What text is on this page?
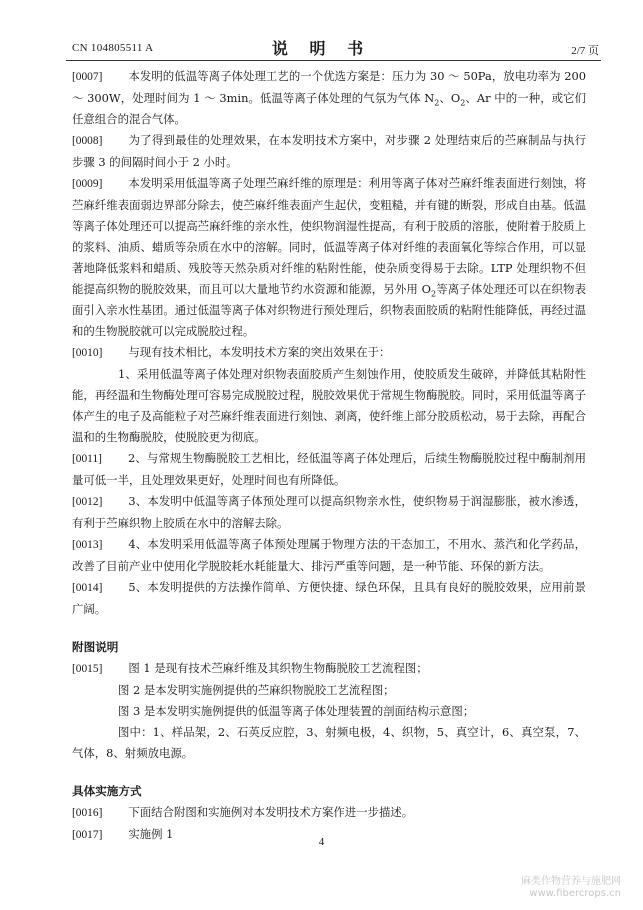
CN 104805511 A	说 明 书	2/7 页

[0007] 本发明的低温等离子体处理工艺的一个优选方案是：压力为 30 ～ 50Pa，放电功率为 200 ～ 300W，处理时间为 1 ～ 3min。低温等离子体处理的气氛为气体 $N_2$、$O_2$、Ar 中的一种，或它们任意组合的混合气体。

[0008] 为了得到最佳的处理效果，在本发明技术方案中，对步骤 2 处理结束后的苎麻制品与执行步骤 3 的间隔时间小于 2 小时。

[0009] 本发明采用低温等离子处理苎麻纤维的原理是：利用等离子体对苎麻纤维表面进行刻蚀，将苎麻纤维表面弱边界部分除去，使苎麻纤维表面产生起伏，变粗糙，并有键的断裂，形成自由基。低温等离子体处理还可以提高苎麻纤维的亲水性，使织物润湿性提高，有利于胶质的溶胀，使附着于胶质上的浆料、油质、蜡质等杂质在水中的溶解。同时，低温等离子体对纤维的表面氧化等综合作用，可以显著地降低浆料和蜡质、残胶等天然杂质对纤维的粘附性能，使杂质变得易于去除。LTP 处理织物不但能提高织物的脱胶效果，而且可以大量地节约水资源和能源，另外用 $O_2$等离子体处理还可以在织物表面引入亲水性基团。通过低温等离子体对织物进行预处理后，织物表面胶质的粘附性能降低，再经过温和的生物脱胶就可以完成脱胶过程。

[0010] 与现有技术相比，本发明技术方案的突出效果在于：

1、采用低温等离子体处理对织物表面胶质产生刻蚀作用，使胶质发生破碎，并降低其粘附性能，再经温和生物酶处理可容易完成脱胶过程，脱胶效果优于常规生物酶脱胶。同时，采用低温等离子体产生的电子及高能粒子对苎麻纤维表面进行刻蚀、剥离，使纤维上部分胶质松动，易于去除，再配合温和的生物酶脱胶，使脱胶更为彻底。

[0011] 2、与常规生物酶脱胶工艺相比，经低温等离子体处理后，后续生物酶脱胶过程中酶制剂用量可低一半，且处理效果更好，处理时间也有所降低。

[0012] 3、本发明中低温等离子体预处理可以提高织物亲水性，使织物易于润湿膨胀，被水渗透，有利于苎麻织物上胶质在水中的溶解去除。

[0013] 4、本发明采用低温等离子体预处理属于物理方法的干态加工，不用水、蒸汽和化学药品，改善了目前产业中使用化学脱胶耗水耗能量大、排污严重等问题，是一种节能、环保的新方法。

[0014] 5、本发明提供的方法操作简单、方便快捷、绿色环保，且具有良好的脱胶效果，应用前景广阔。

附图说明

[0015] 图 1 是现有技术苎麻纤维及其织物生物酶脱胶工艺流程图；

图 2 是本发明实施例提供的苎麻织物脱胶工艺流程图；

图 3 是本发明实施例提供的低温等离子体处理装置的剖面结构示意图；

图中：1、样品架，2、石英反应腔，3、射频电极，4、织物，5、真空计，6、真空泵，7、气体，8、射频放电源。

具体实施方式

[0016] 下面结合附图和实施例对本发明技术方案作进一步描述。

[0017] 实施例 1

4
麻类作物营养与施肥网
www.fibercrops.cn
